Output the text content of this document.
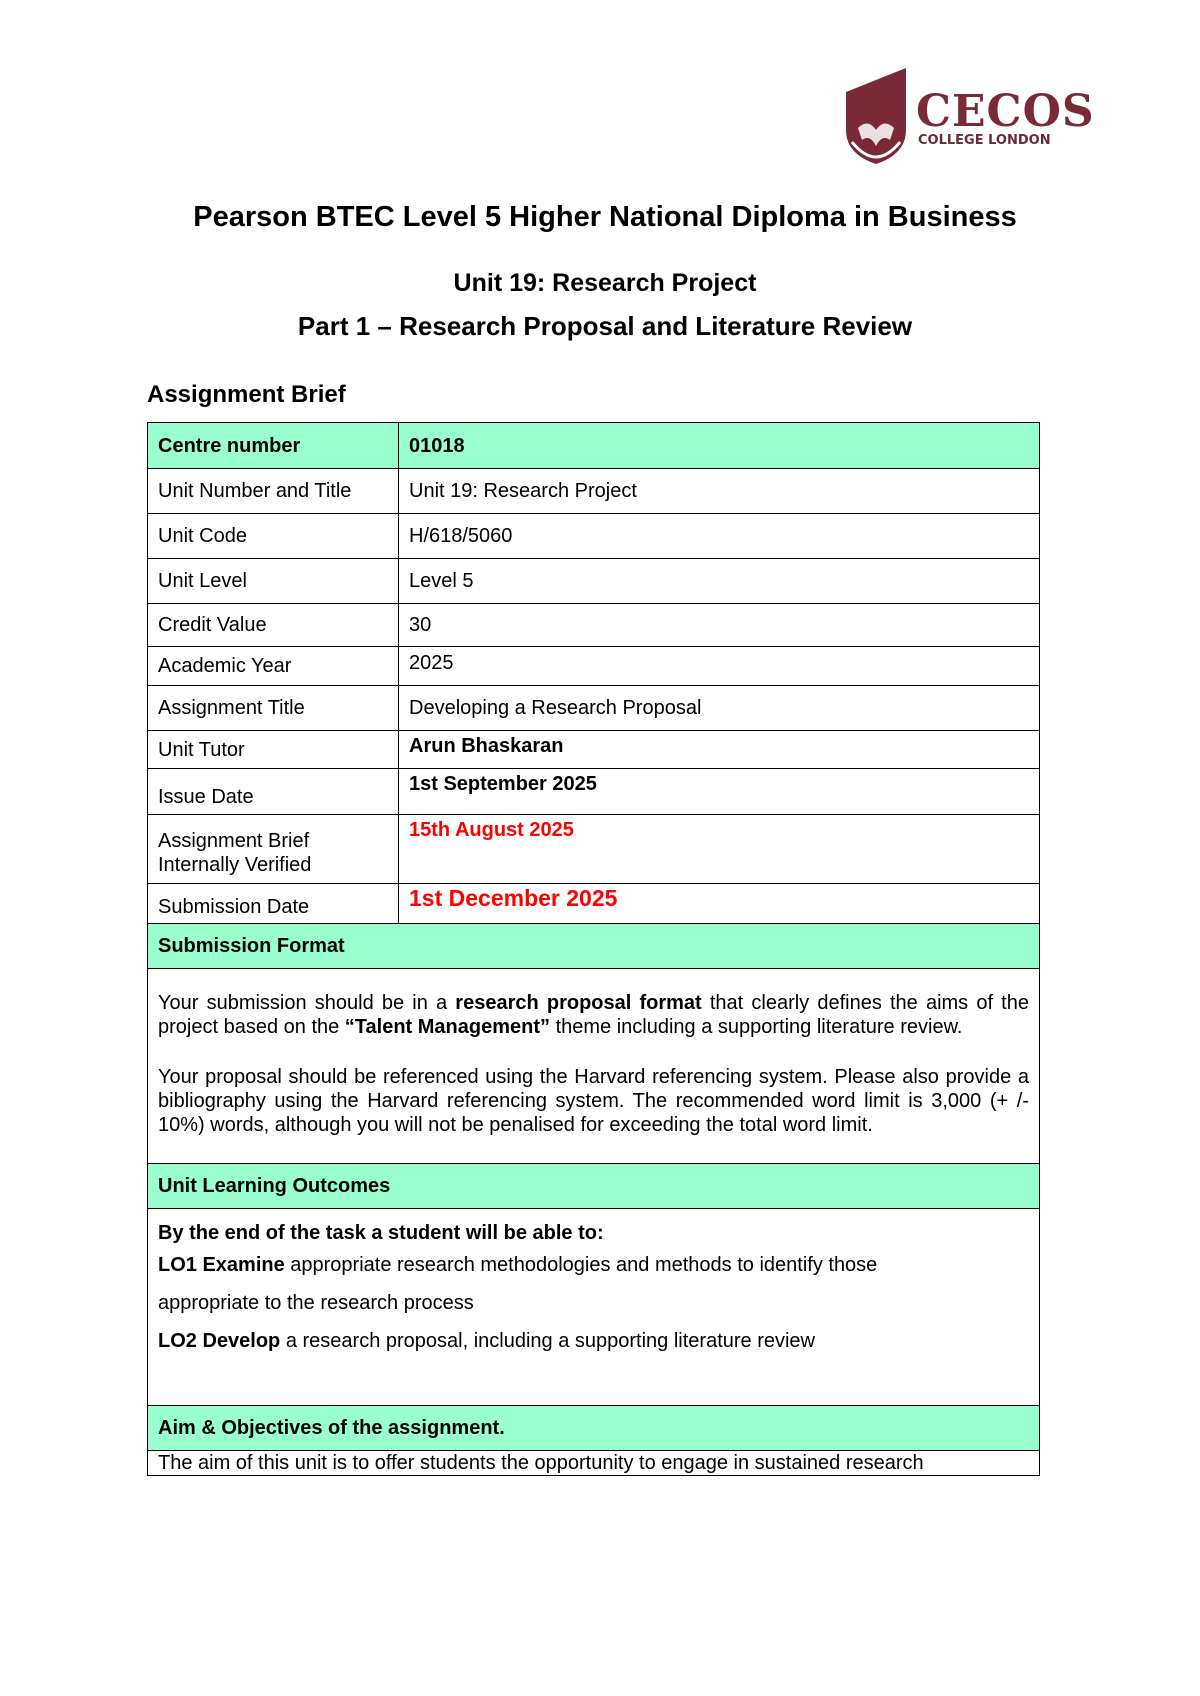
CECOS
COLLEGE LONDON
Pearson BTEC Level 5 Higher National Diploma in Business
Unit 19: Research Project
Part 1 – Research Proposal and Literature Review
Assignment Brief
Centre number	01018
Unit Number and Title	Unit 19: Research Project
Unit Code	H/618/5060
Unit Level	Level 5
Credit Value	30
Academic Year	2025
Assignment Title	Developing a Research Proposal
Unit Tutor	Arun Bhaskaran
Issue Date	1st September 2025
Assignment Brief Internally Verified	15th August 2025
Submission Date	1st December 2025
Submission Format	

Your submission should be in a research proposal format that clearly defines the aims of the project based on the “Talent Management” theme including a supporting literature review.

Your proposal should be referenced using the Harvard referencing system. Please also provide a bibliography using the Harvard referencing system. The recommended word limit is 3,000 (+ /- 10%) words, although you will not be penalised for exceeding the total word limit.	

Unit Learning Outcomes	

By the end of the task a student will be able to:

LO1 Examine appropriate research methodologies and methods to identify those

appropriate to the research process

LO2 Develop a research proposal, including a supporting literature review	

Aim & Objectives of the assignment.	
The aim of this unit is to offer students the opportunity to engage in sustained research	
